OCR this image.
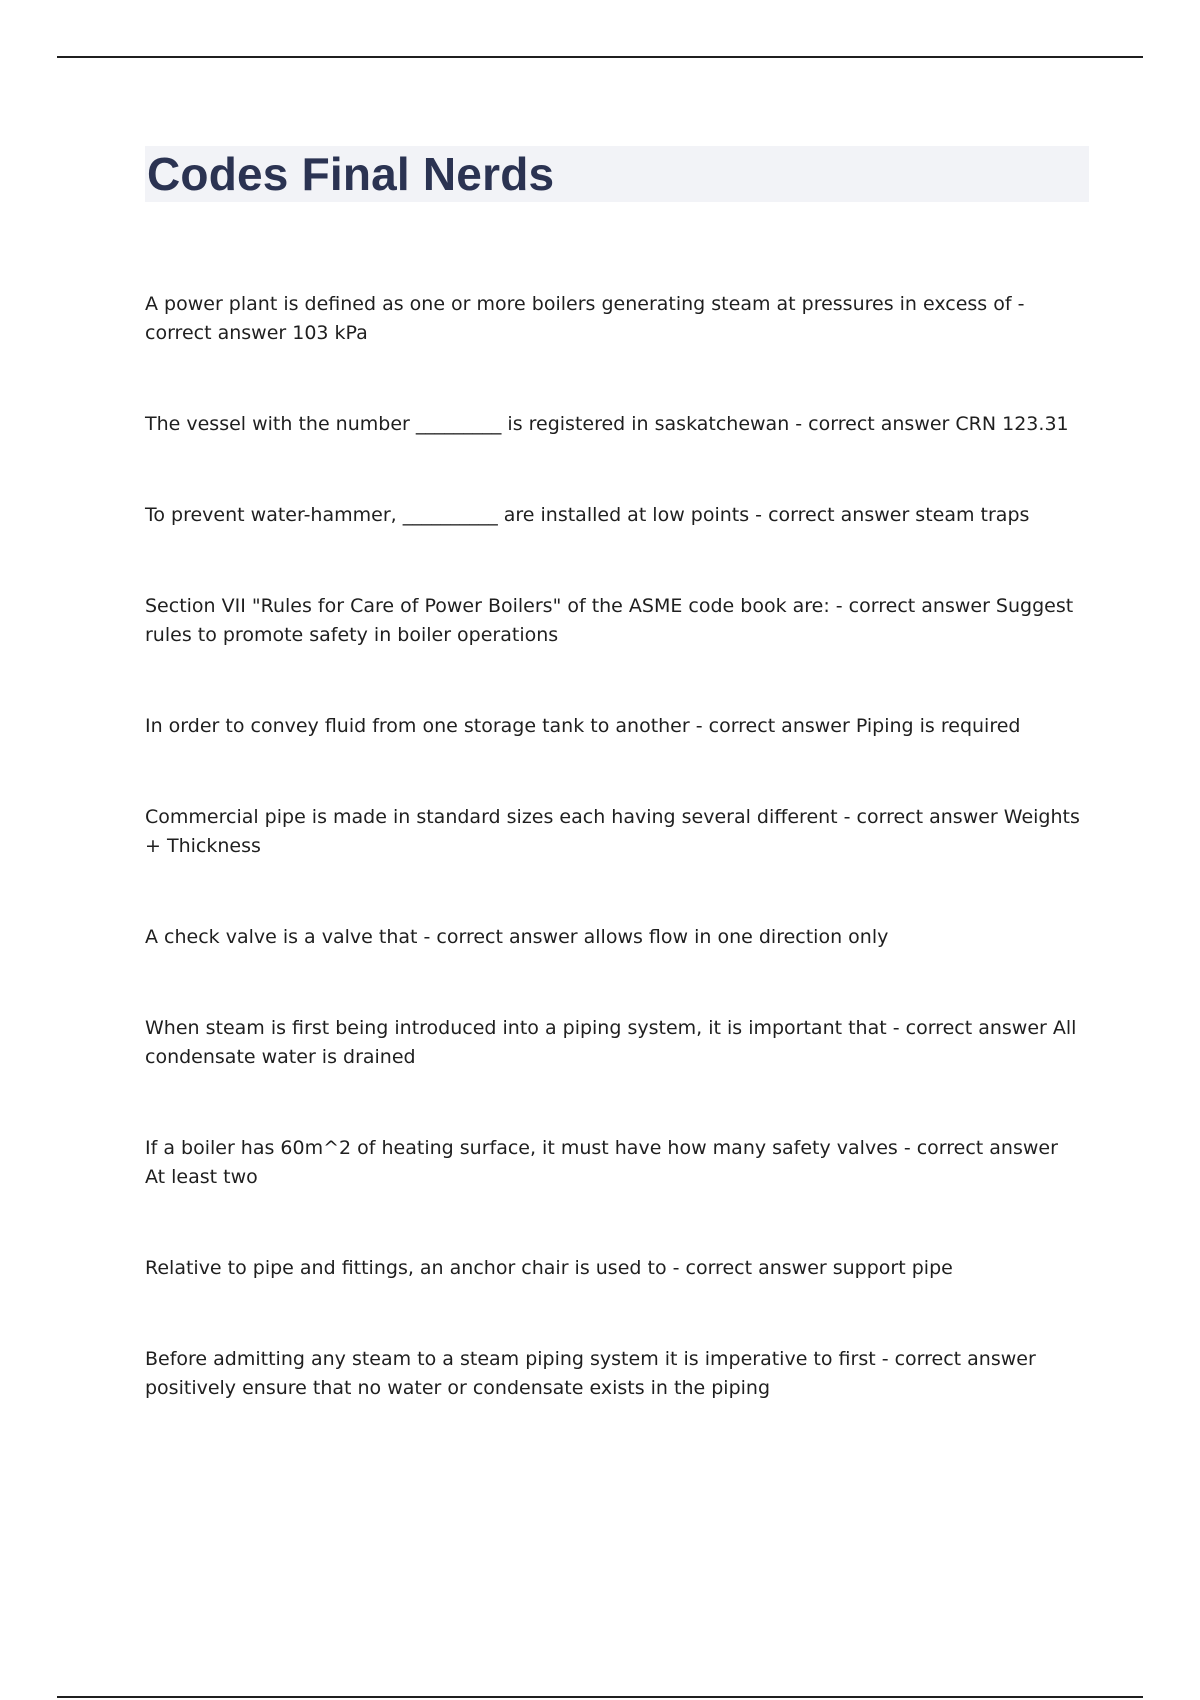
Codes Final Nerds
A power plant is defined as one or more boilers generating steam at pressures in excess of - correct answer 103 kPa
The vessel with the number _________ is registered in saskatchewan - correct answer CRN 123.31
To prevent water-hammer, __________ are installed at low points - correct answer steam traps
Section VII "Rules for Care of Power Boilers" of the ASME code book are: - correct answer Suggest rules to promote safety in boiler operations
In order to convey fluid from one storage tank to another - correct answer Piping is required
Commercial pipe is made in standard sizes each having several different - correct answer Weights + Thickness
A check valve is a valve that - correct answer allows flow in one direction only
When steam is first being introduced into a piping system, it is important that - correct answer All condensate water is drained
If a boiler has 60m^2 of heating surface, it must have how many safety valves - correct answer At least two
Relative to pipe and fittings, an anchor chair is used to - correct answer support pipe
Before admitting any steam to a steam piping system it is imperative to first - correct answer positively ensure that no water or condensate exists in the piping
